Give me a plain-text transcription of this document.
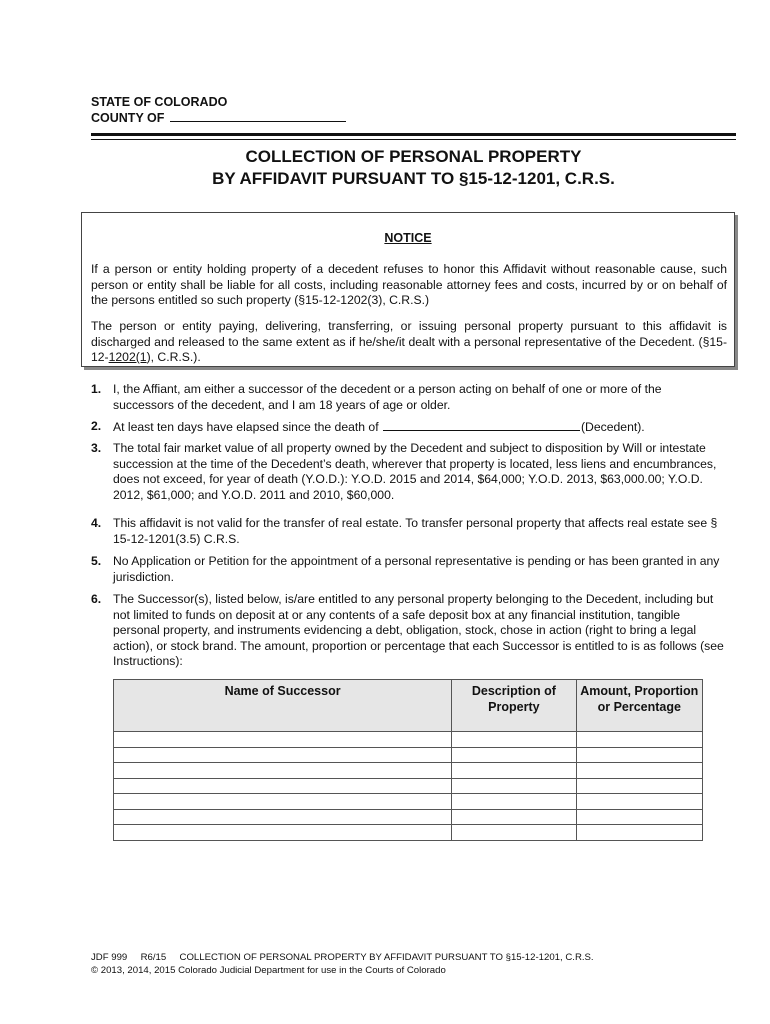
STATE OF COLORADO
COUNTY OF
COLLECTION OF PERSONAL PROPERTY
BY AFFIDAVIT PURSUANT TO §15-12-1201, C.R.S.
NOTICE
If a person or entity holding property of a decedent refuses to honor this Affidavit without reasonable cause, such person or entity shall be liable for all costs, including reasonable attorney fees and costs, incurred by or on behalf of the persons entitled so such property (§15-12-1202(3), C.R.S.)
The person or entity paying, delivering, transferring, or issuing personal property pursuant to this affidavit is discharged and released to the same extent as if he/she/it dealt with a personal representative of the Decedent. (§15-12-1202(1), C.R.S.).
1. I, the Affiant, am either a successor of the decedent or a person acting on behalf of one or more of the successors of the decedent, and I am 18 years of age or older.
2. At least ten days have elapsed since the death of	(Decedent).
3. The total fair market value of all property owned by the Decedent and subject to disposition by Will or intestate succession at the time of the Decedent’s death, wherever that property is located, less liens and encumbrances, does not exceed, for year of death (Y.O.D.): Y.O.D. 2015 and 2014, $64,000; Y.O.D. 2013, $63,000.00; Y.O.D. 2012, $61,000; and Y.O.D. 2011 and 2010, $60,000.
4. This affidavit is not valid for the transfer of real estate. To transfer personal property that affects real estate see § 15-12-1201(3.5) C.R.S.
5. No Application or Petition for the appointment of a personal representative is pending or has been granted in any jurisdiction.
6. The Successor(s), listed below, is/are entitled to any personal property belonging to the Decedent, including but not limited to funds on deposit at or any contents of a safe deposit box at any financial institution, tangible personal property, and instruments evidencing a debt, obligation, stock, chose in action (right to bring a legal action), or stock brand. The amount, proportion or percentage that each Successor is entitled to is as follows (see Instructions):
Name of Successor	Description of Property	Amount, Proportion or Percentage

JDF 999     R6/15     COLLECTION OF PERSONAL PROPERTY BY AFFIDAVIT PURSUANT TO §15-12-1201, C.R.S.
© 2013, 2014, 2015 Colorado Judicial Department for use in the Courts of Colorado
